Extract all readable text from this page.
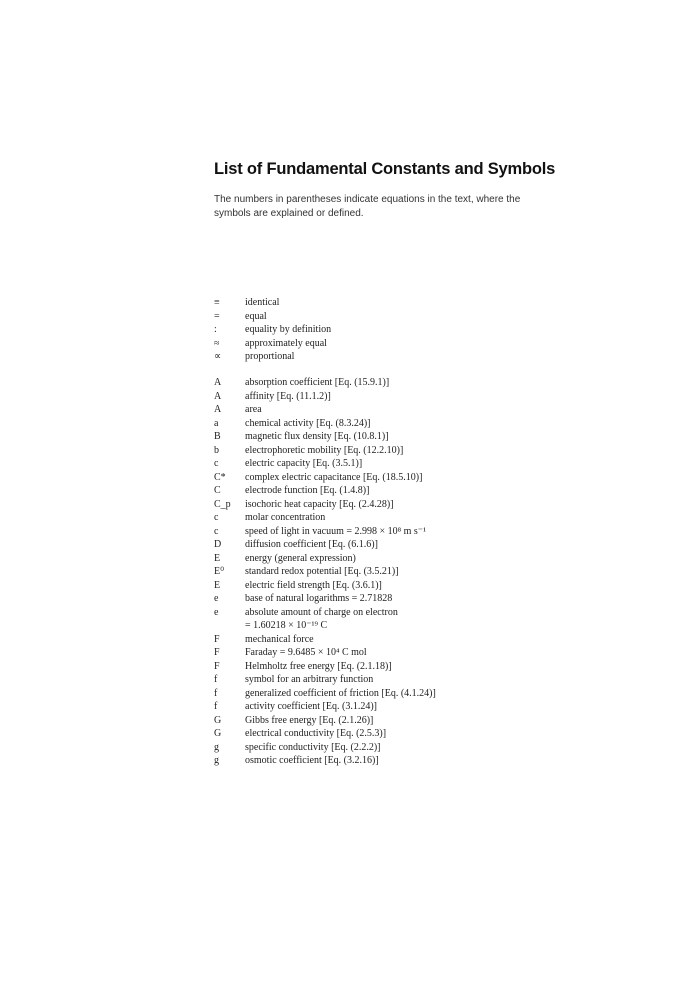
List of Fundamental Constants and Symbols

The numbers in parentheses indicate equations in the text, where the symbols are explained or defined.

≡	identical
=	equal
:	equality by definition
≈	approximately equal
∝	proportional
A	absorption coefficient [Eq. (15.9.1)]
A	affinity [Eq. (11.1.2)]
A	area
a	chemical activity [Eq. (8.3.24)]
B	magnetic flux density [Eq. (10.8.1)]
b	electrophoretic mobility [Eq. (12.2.10)]
c	electric capacity [Eq. (3.5.1)]
C*	complex electric capacitance [Eq. (18.5.10)]
C	electrode function [Eq. (1.4.8)]
C_p	isochoric heat capacity [Eq. (2.4.28)]
c	molar concentration
c	speed of light in vacuum = 2.998 × 10⁸ m s⁻¹
D	diffusion coefficient [Eq. (6.1.6)]
E	energy (general expression)
E⁰	standard redox potential [Eq. (3.5.21)]
E	electric field strength [Eq. (3.6.1)]
e	base of natural logarithms = 2.71828
e	absolute amount of charge on electron
= 1.60218 × 10⁻¹⁹ C
F	mechanical force
F	Faraday = 9.6485 × 10⁴ C mol
F	Helmholtz free energy [Eq. (2.1.18)]
f	symbol for an arbitrary function
f	generalized coefficient of friction [Eq. (4.1.24)]
f	activity coefficient [Eq. (3.1.24)]
G	Gibbs free energy [Eq. (2.1.26)]
G	electrical conductivity [Eq. (2.5.3)]
g	specific conductivity [Eq. (2.2.2)]
g	osmotic coefficient [Eq. (3.2.16)]
